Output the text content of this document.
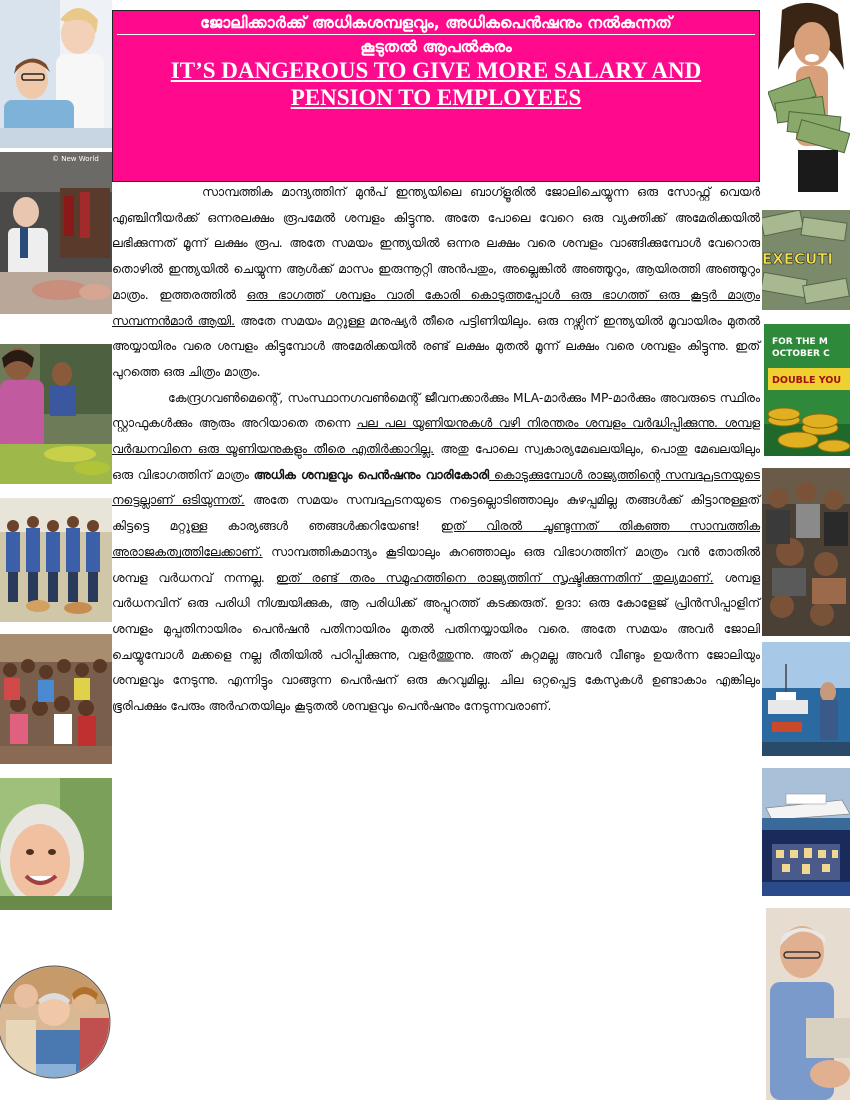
© New World
EXECUTI
FOR THE M
OCTOBER C
DOUBLE YOU
ജോലിക്കാർക്ക് അധികശമ്പളവും, അധികപെൻഷനും നൽകുന്നത്
കൂടുതൽ ആപൽകരം
IT’S DANGEROUS TO GIVE MORE SALARY AND
PENSION TO EMPLOYEES

സാമ്പത്തിക മാന്ദ്യത്തിന് മുൻപ് ഇന്ത്യയിലെ ബാഗ്ളൂരിൽ ജോലിചെയ്യുന്ന ഒരു സോഫ്റ്റ് വെയർ എഞ്ചിനീയർക്ക് ഒന്നരലക്ഷം രൂപമേൽ ശമ്പളം കിട്ടുന്നു. അതേ പോലെ വേറെ ഒരു വ്യക്തിക്ക് അമേരിക്കയിൽ ലഭിക്കുന്നത് മൂന്ന് ലക്ഷം രൂപ. അതേ സമയം ഇന്ത്യയിൽ ഒന്നര ലക്ഷം വരെ ശമ്പളം വാങ്ങിക്കുമ്പോൾ വേറൊരു തൊഴിൽ ഇന്ത്യയിൽ ചെയ്യുന്ന ആൾക്ക് മാസം ഇരുന്നൂറ്റി അൻപതും, അല്ലെങ്കിൽ അഞ്ഞൂറും, ആയിരത്തി അഞ്ഞൂറും മാത്രം. ഇത്തരത്തിൽ ഒരു ഭാഗത്ത് ശമ്പളം വാരി കോരി കൊടുത്തപ്പോൾ ഒരു ഭാഗത്ത് ഒരു കൂട്ടർ മാത്രം സമ്പന്നൻമാർ ആയി. അതേ സമയം മറ്റുള്ള മനുഷ്യർ തീരെ പട്ടിണിയിലും. ഒരു നഴ്സിന് ഇന്ത്യയിൽ മൂവായിരം മുതൽ അയ്യായിരം വരെ ശമ്പളം കിട്ടുമ്പോൾ അമേരിക്കയിൽ രണ്ട് ലക്ഷം മുതൽ മൂന്ന് ലക്ഷം വരെ ശമ്പളം കിട്ടുന്നു. ഇത് പുറത്തെ ഒരു ചിത്രം മാത്രം.

കേന്ദ്രഗവൺമെന്റെ്, സംസ്ഥാനഗവൺമെന്റ് ജീവനക്കാർക്കും MLA-മാർക്കും MP-മാർക്കും അവരുടെ സ്ഥിരം സ്റ്റാഫുകൾക്കും ആരും അറിയാതെ തന്നെ പല പല യൂണിയനുകൾ വഴി നിരന്തരം ശമ്പളം വർദ്ധിപ്പിക്കുന്നു. ശമ്പള വർദ്ധനവിനെ ഒരു യൂണിയനുകളും തീരെ എതിർക്കാറില്ല. അതു പോലെ സ്വകാര്യമേഖലയിലും, പൊതു മേഖലയിലും ഒരു വിഭാഗത്തിന് മാത്രം അധിക ശമ്പളവും പെൻഷനും വാരികോരി കൊടുക്കുമ്പോൾ രാജ്യത്തിന്റെ സമ്പദ്ഘടനയുടെ നട്ടെല്ലാണ് ഒടിയുന്നത്. അതേ സമയം സമ്പദ്ഘടനയുടെ നട്ടെല്ലൊടിഞ്ഞാലും കുഴപ്പമില്ല തങ്ങൾക്ക് കിട്ടാനുള്ളത് കിട്ടട്ടെ മറ്റുള്ള കാര്യങ്ങൾ ഞങ്ങൾക്കറിയേണ്ട! ഇത് വിരൽ ചൂണ്ടുന്നത് തികഞ്ഞ സാമ്പത്തിക അരാജകത്വത്തിലേക്കാണ്. സാമ്പത്തികമാന്ദ്യം കൂടിയാലും കുറഞ്ഞാലും ഒരു വിഭാഗത്തിന് മാത്രം വൻ തോതിൽ ശമ്പള വർധനവ് നന്നല്ല. ഇത് രണ്ട് തരം സമൂഹത്തിനെ രാജ്യത്തിന് സൃഷ്ടിക്കുന്നതിന് തുല്യമാണ്. ശമ്പള വർധനവിന് ഒരു പരിധി നിശ്ചയിക്കുക, ആ പരിധിക്ക് അപ്പുറത്ത് കടക്കരുത്. ഉദാ: ഒരു കോളേജ് പ്രിൻസിപ്പാളിന് ശമ്പളം മുപ്പതിനായിരം പെൻഷൻ പതിനായിരം മുതൽ പതിനയ്യായിരം വരെ. അതേ സമയം അവർ ജോലി ചെയ്യുമ്പോൾ മക്കളെ നല്ല രീതിയിൽ പഠിപ്പിക്കുന്നു, വളർത്തുന്നു. അത് കുറ്റമല്ല അവർ വീണ്ടും ഉയർന്ന ജോലിയും ശമ്പളവും നേടുന്നു. എന്നിട്ടും വാങ്ങുന്ന പെൻഷന് ഒരു കുറവുമില്ല. ചില ഒറ്റപ്പെട്ട കേസുകൾ ഉണ്ടാകാം എങ്കിലും ഭൂരിപക്ഷം പേരും അർഹതയിലും കൂടുതൽ ശമ്പളവും പെൻഷനും നേടുന്നവരാണ്.
